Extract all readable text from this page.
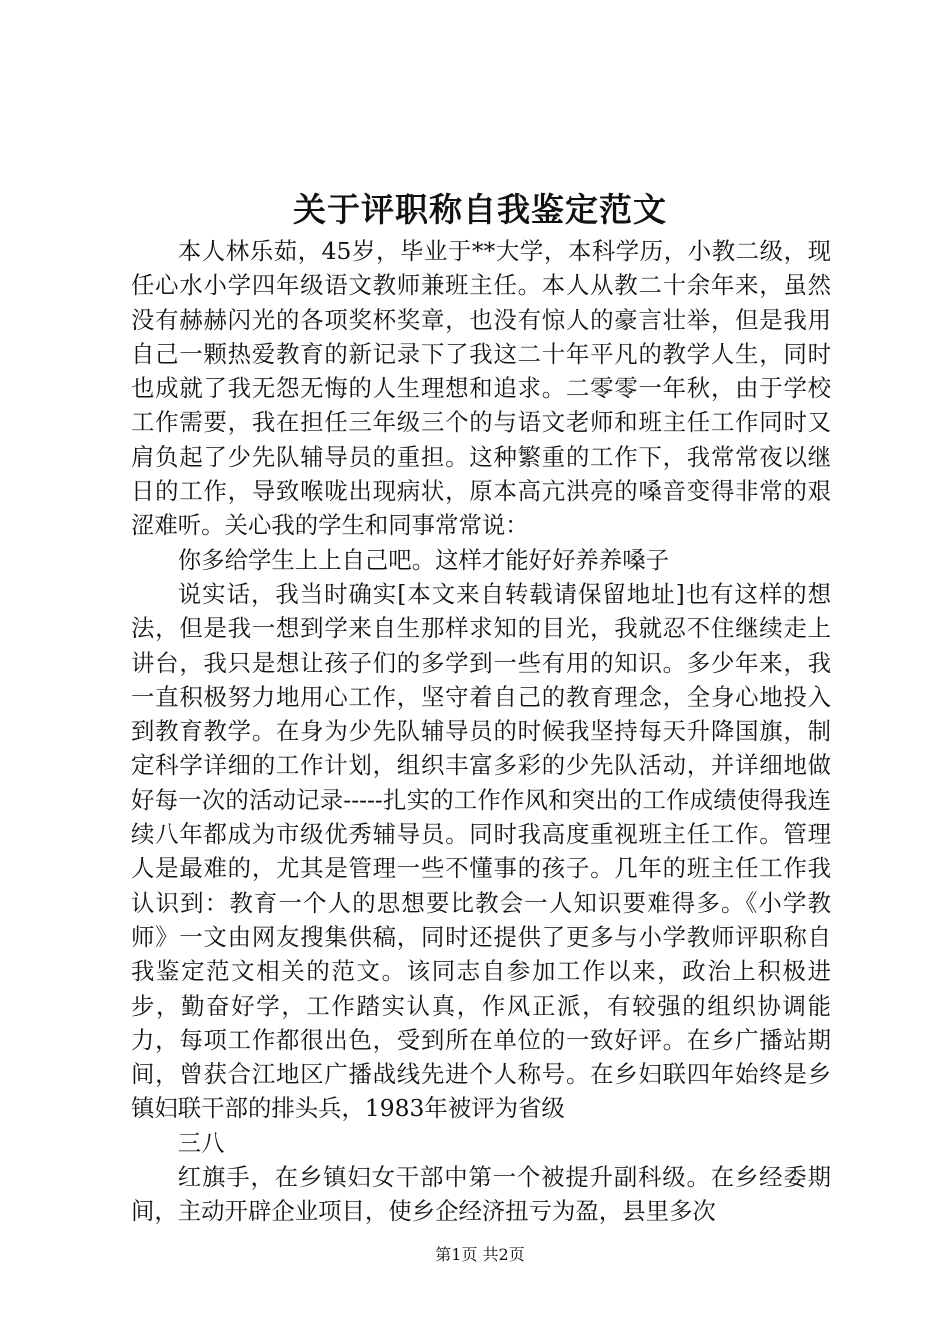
关于评职称自我鉴定范文

本人林乐茹，45岁，毕业于**大学，本科学历，小教二级，现任心水小学四年级语文教师兼班主任。本人从教二十余年来，虽然没有赫赫闪光的各项奖杯奖章，也没有惊人的豪言壮举，但是我用自己一颗热爱教育的新记录下了我这二十年平凡的教学人生，同时也成就了我无怨无悔的人生理想和追求。二零零一年秋，由于学校工作需要，我在担任三年级三个的与语文老师和班主任工作同时又肩负起了少先队辅导员的重担。这种繁重的工作下，我常常夜以继日的工作，导致喉咙出现病状，原本高亢洪亮的嗓音变得非常的艰涩难听。关心我的学生和同事常常说：

你多给学生上上自己吧。这样才能好好养养嗓子

说实话，我当时确实[本文来自转载请保留地址]也有这样的想法，但是我一想到学来自生那样求知的目光，我就忍不住继续走上讲台，我只是想让孩子们的多学到一些有用的知识。多少年来，我一直积极努力地用心工作，坚守着自己的教育理念，全身心地投入到教育教学。在身为少先队辅导员的时候我坚持每天升降国旗，制定科学详细的工作计划，组织丰富多彩的少先队活动，并详细地做好每一次的活动记录-----扎实的工作作风和突出的工作成绩使得我连续八年都成为市级优秀辅导员。同时我高度重视班主任工作。管理人是最难的，尤其是管理一些不懂事的孩子。几年的班主任工作我认识到：教育一个人的思想要比教会一人知识要难得多。《小学教师》一文由网友搜集供稿，同时还提供了更多与小学教师评职称自我鉴定范文相关的范文。该同志自参加工作以来，政治上积极进步，勤奋好学，工作踏实认真，作风正派，有较强的组织协调能力，每项工作都很出色，受到所在单位的一致好评。在乡广播站期间，曾获合江地区广播战线先进个人称号。在乡妇联四年始终是乡镇妇联干部的排头兵，1983年被评为省级

三八

红旗手，在乡镇妇女干部中第一个被提升副科级。在乡经委期间，主动开辟企业项目，使乡企经济扭亏为盈，县里多次

第1页 共2页
